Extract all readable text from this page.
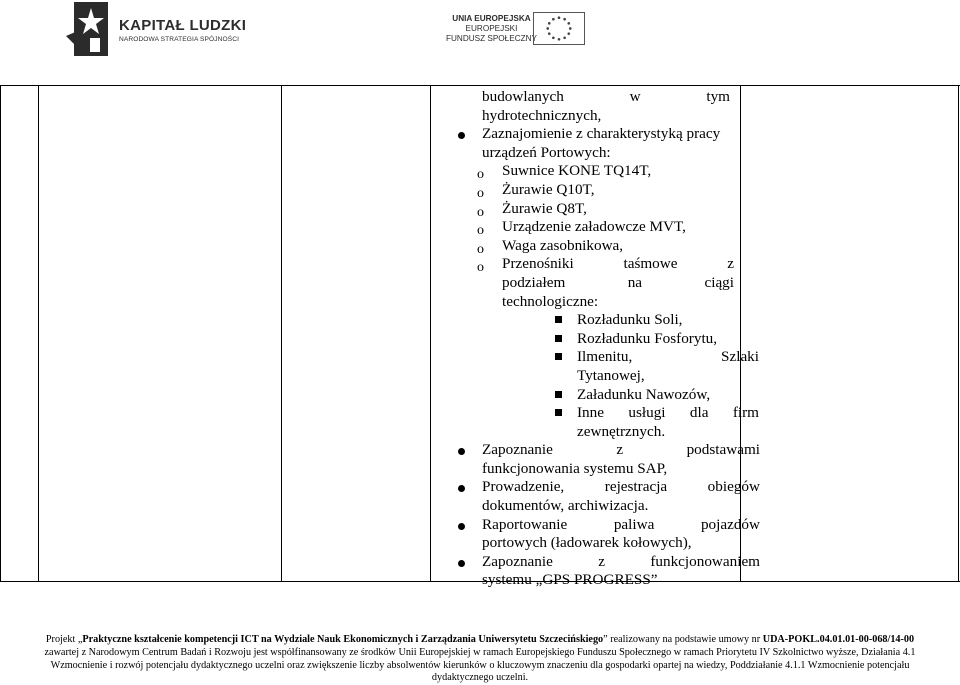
KAPITAŁ LUDZKI
NARODOWA STRATEGIA SPÓJNOŚCI
UNIA EUROPEJSKA
EUROPEJSKI
FUNDUSZ SPOŁECZNY
budowlanych	w	tym
hydrotechnicznych,
Zaznajomienie z charakterystyką pracy
urządzeń Portowych:
o Suwnice KONE TQ14T,
o Żurawie Q10T,
o Żurawie Q8T,
o Urządzenie załadowcze MVT,
o Waga zasobnikowa,
o Przenośniki taśmowe z
podziałem na ciągi
technologiczne:
Rozładunku Soli,
Rozładunku Fosforytu,
Ilmenitu, Szlaki
Tytanowej,
Załadunku Nawozów,
Inne usługi dla firm
zewnętrznych.
Zapoznanie z podstawami
funkcjonowania systemu SAP,
Prowadzenie, rejestracja obiegów
dokumentów, archiwizacja.
Raportowanie paliwa pojazdów
portowych (ładowarek kołowych),
Zapoznanie z funkcjonowaniem
systemu „GPS PROGRESS”
Projekt „Praktyczne kształcenie kompetencji ICT na Wydziale Nauk Ekonomicznych i Zarządzania Uniwersytetu Szczecińskiego” realizowany na podstawie umowy nr UDA-POKL.04.01.01-00-068/14-00
zawartej z Narodowym Centrum Badań i Rozwoju jest współfinansowany ze środków Unii Europejskiej w ramach Europejskiego Funduszu Społecznego w ramach Priorytetu IV Szkolnictwo wyższe, Działania 4.1
Wzmocnienie i rozwój potencjału dydaktycznego uczelni oraz zwiększenie liczby absolwentów kierunków o kluczowym znaczeniu dla gospodarki opartej na wiedzy, Poddziałanie 4.1.1 Wzmocnienie potencjału
dydaktycznego uczelni.
